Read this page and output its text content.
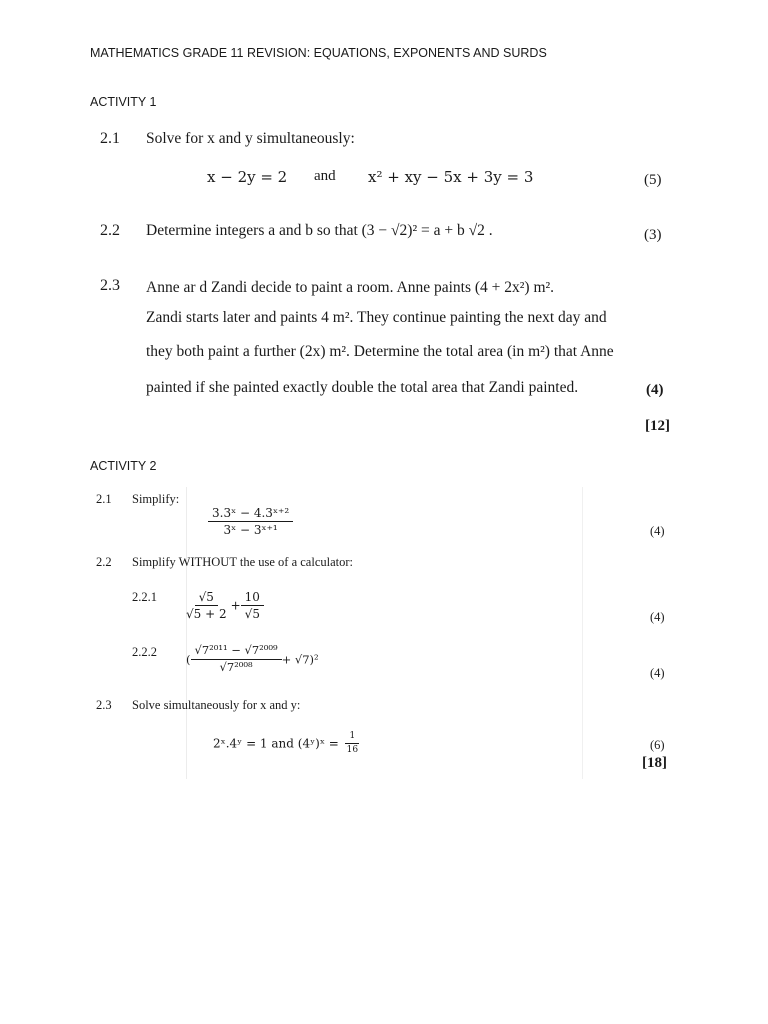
MATHEMATICS GRADE 11 REVISION: EQUATIONS, EXPONENTS AND SURDS
ACTIVITY 1
2.1 Solve for x and y simultaneously:
x − 2y = 2 and x² + xy − 5x + 3y = 3	(5)
2.2 Determine integers a and b so that (3 − √2)² = a + b √2 .	(3)
2.3 Anne ar d Zandi decide to paint a room. Anne paints (4 + 2x²) m².
Zandi starts later and paints 4 m². They continue painting the next day and
they both paint a further (2x) m². Determine the total area (in m²) that Anne
painted if she painted exactly double the total area that Zandi painted.	(4)
[12]
ACTIVITY 2
2.1 Simplify:
$\frac{\text{3.3ˣ − 4.3ˣ⁺²}}{\text{3ˣ − 3ˣ⁺¹}}$	(4)
2.2 Simplify WITHOUT the use of a calculator:
$2.2.1 \frac{√5}{√5 + 2} + \frac{10}{√5}$	(4)
2.2.2
( $\frac{\text{√7²⁰¹¹ − √7²⁰⁰⁹}}{\text{√7²⁰⁰⁸}} + √7)^2$
(4)
2.3 Solve simultaneously for x and y:
2ˣ.4ʸ = 1 and (4ʸ)ˣ = $\frac{1}{16}$	(6)
[18]
